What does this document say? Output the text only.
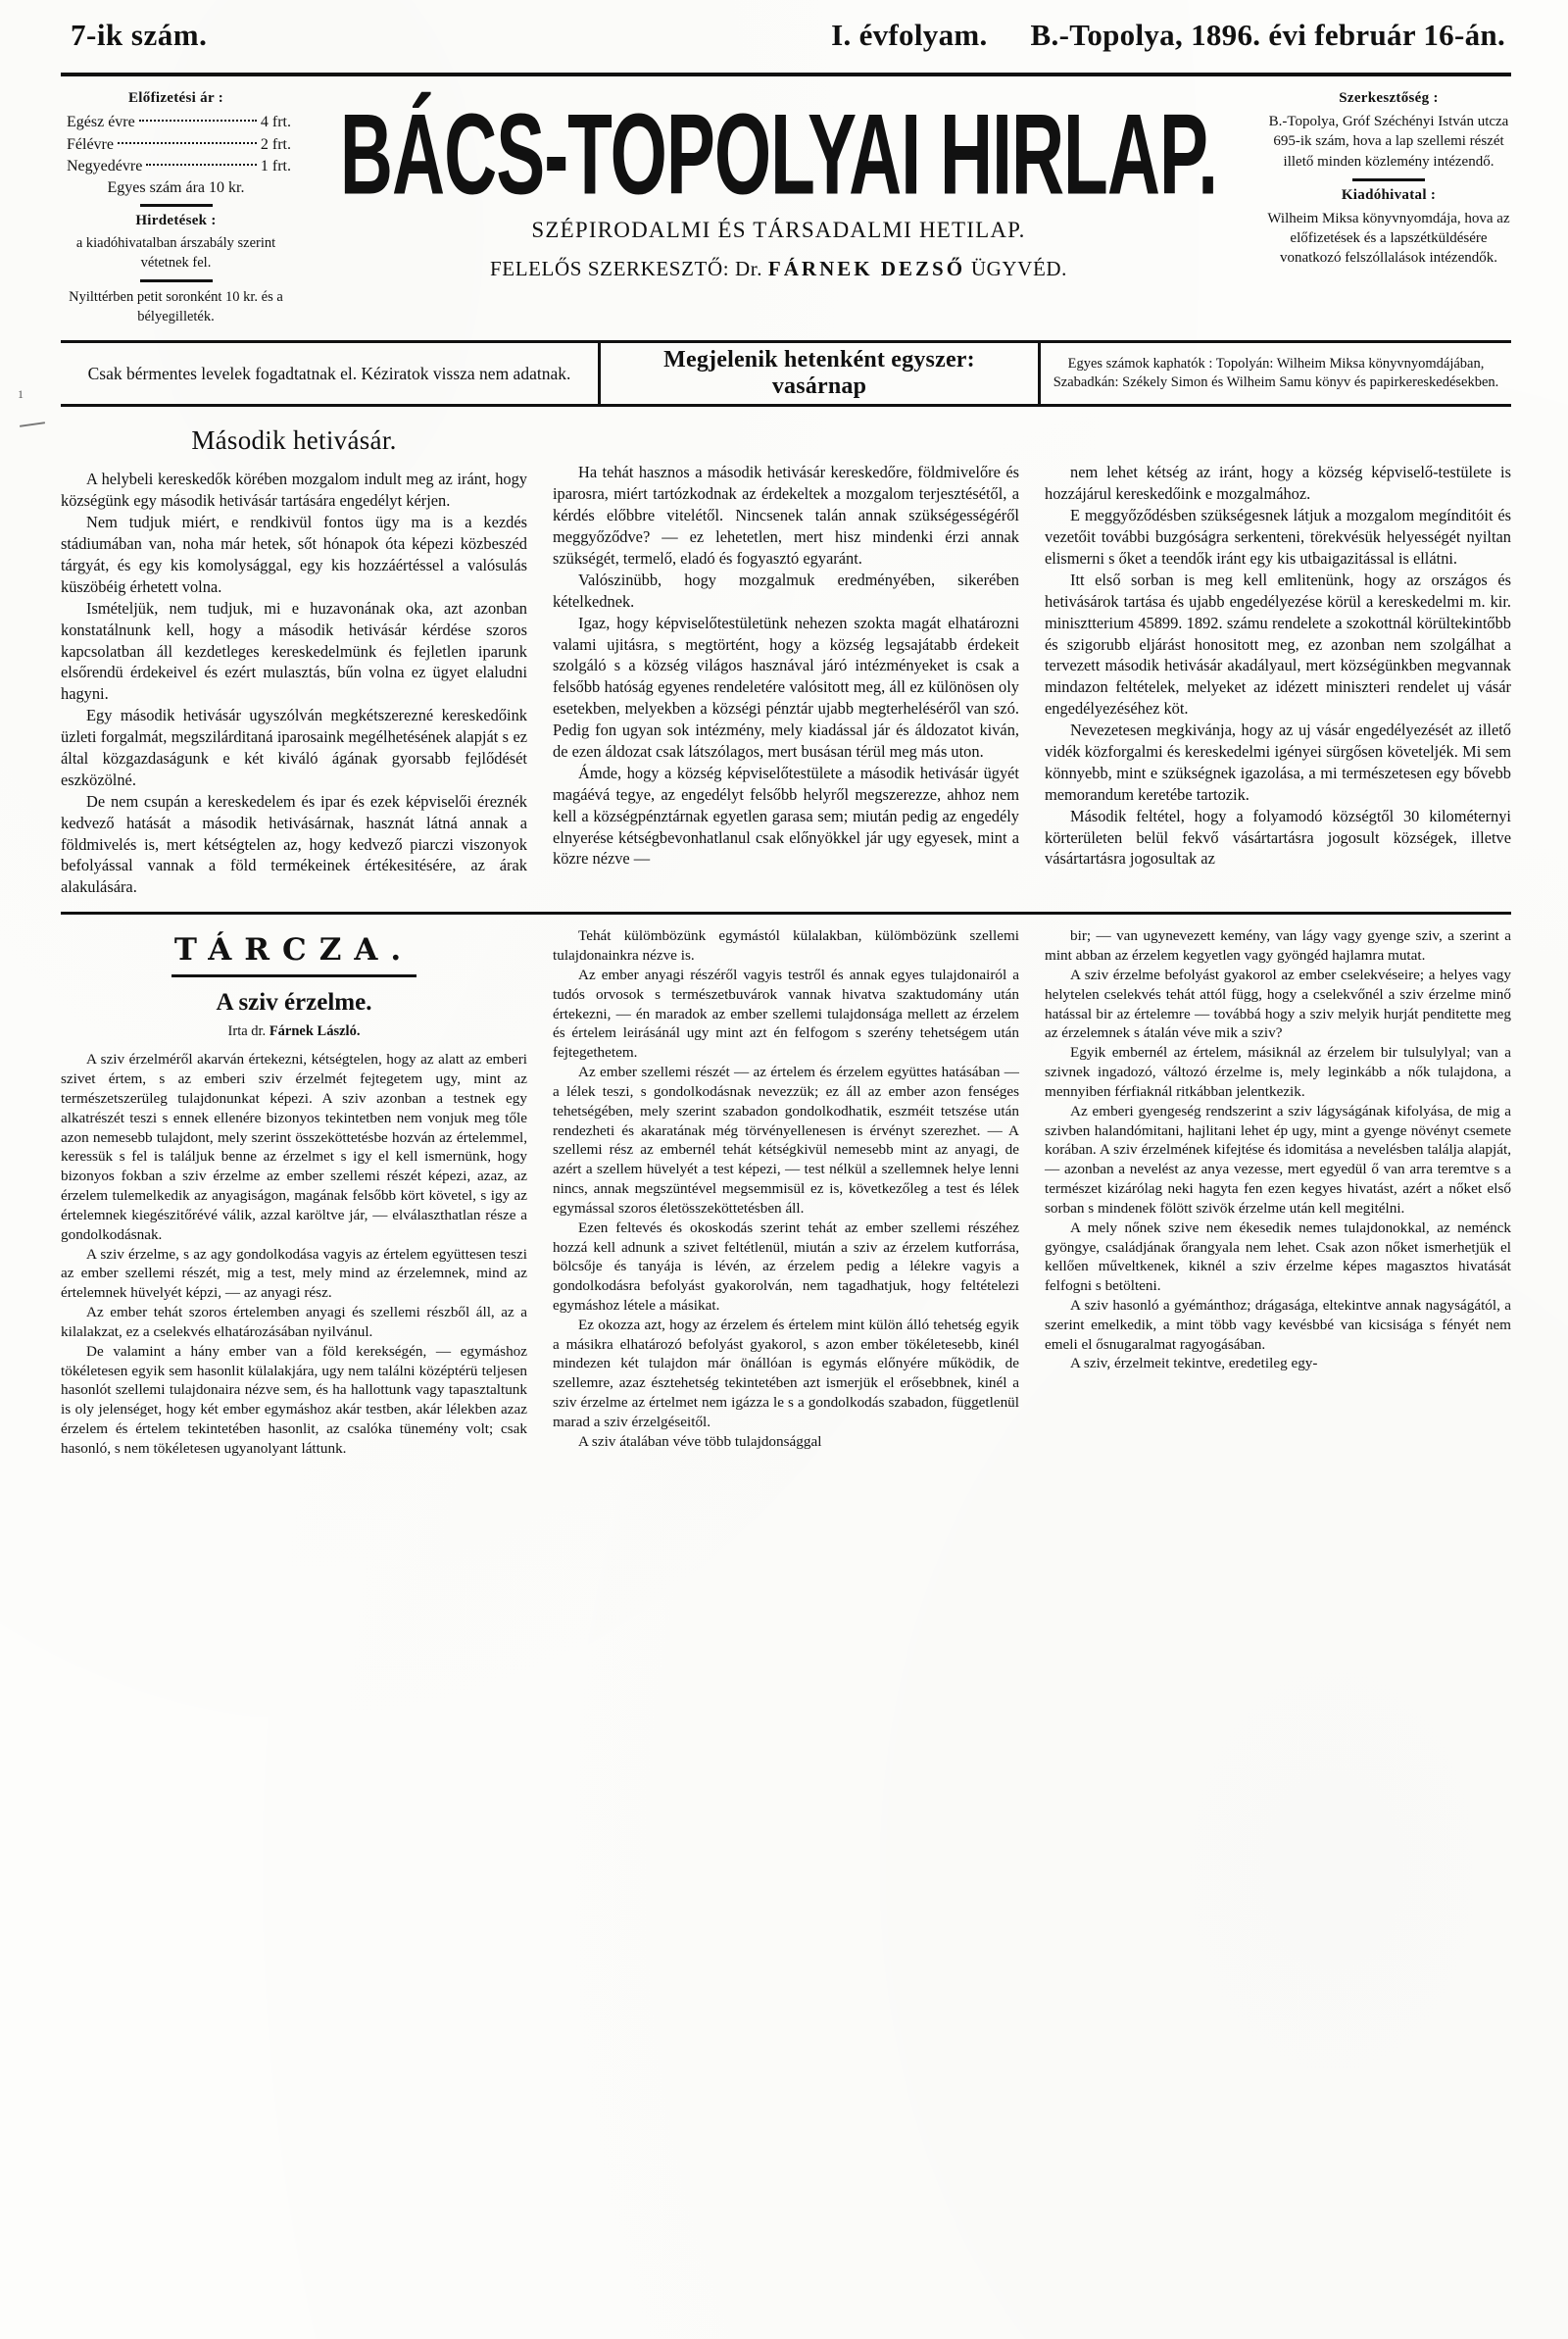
1
7-ik szám.	I. évfolyam. B.-Topolya, 1896. évi február 16-án.
Előfizetési ár :
Egész évre	4 frt.
Félévre	2 frt.
Negyedévre	1 frt.
Egyes szám ára 10 kr.
Hirdetések :
a kiadóhivatalban árszabály szerint vétetnek fel.
Nyilttérben petit soronként 10 kr. és a bélyegilleték.
BÁCS-TOPOLYAI HIRLAP.
SZÉPIRODALMI ÉS TÁRSADALMI HETILAP.
FELELŐS SZERKESZTŐ: Dr. FÁRNEK DEZSŐ ÜGYVÉD.
Szerkesztőség :
B.-Topolya, Gróf Széchényi István utcza 695-ik szám, hova a lap szellemi részét illető minden közlemény intézendő.
Kiadóhivatal :
Wilheim Miksa könyvnyomdája, hova az előfizetések és a lapszétküldésére vonatkozó felszóllalások intézendők.
Csak bérmentes levelek fogadtatnak el. Kéziratok vissza nem adatnak.
Megjelenik hetenként egyszer:
vasárnap
Egyes számok kaphatók : Topolyán: Wilheim Miksa könyvnyomdájában, Szabadkán: Székely Simon és Wilheim Samu könyv és papirkereskedésekben.
Második hetivásár.

A helybeli kereskedők körében mozgalom indult meg az iránt, hogy községünk egy második hetivásár tartására engedélyt kérjen.

Nem tudjuk miért, e rendkivül fontos ügy ma is a kezdés stádiumában van, noha már hetek, sőt hónapok óta képezi közbeszéd tárgyát, és egy kis komolysággal, egy kis hozzáértéssel a valósulás küszöbéig érhetett volna.

Ismételjük, nem tudjuk, mi e huzavonának oka, azt azonban konstatálnunk kell, hogy a második hetivásár kérdése szoros kapcsolatban áll kezdetleges kereskedelmünk és fejletlen iparunk elsőrendü érdekeivel és ezért mulasztás, bűn volna ez ügyet elaludni hagyni.

Egy második hetivásár ugyszólván megkétszerezné kereskedőink üzleti forgalmát, megszilárditaná iparosaink megélhetésének alapját s ez által közgazdaságunk e két kiváló ágának gyorsabb fejlődését eszközölné.

De nem csupán a kereskedelem és ipar és ezek képviselői éreznék kedvező hatását a második hetivásárnak, hasznát látná annak a földmivelés is, mert kétségtelen az, hogy kedvező piarczi viszonyok befolyással vannak a föld termékeinek értékesitésére, az árak alakulására.

Ha tehát hasznos a második hetivásár kereskedőre, földmivelőre és iparosra, miért tartózkodnak az érdekeltek a mozgalom terjesztésétől, a kérdés előbbre vitelétől. Nincsenek talán annak szükségességéről meggyőződve? — ez lehetetlen, mert hisz mindenki érzi annak szükségét, termelő, eladó és fogyasztó egyaránt.

Valószinübb, hogy mozgalmuk eredményében, sikerében kételkednek.

Igaz, hogy képviselőtestületünk nehezen szokta magát elhatározni valami ujitásra, s megtörtént, hogy a község legsajátabb érdekeit szolgáló s a község világos hasznával járó intézményeket is csak a felsőbb hatóság egyenes rendeletére valósitott meg, áll ez különösen oly esetekben, melyekben a községi pénztár ujabb megterheléséről van szó. Pedig fon ugyan sok intézmény, mely kiadással jár és áldozatot kiván, de ezen áldozat csak látszólagos, mert busásan térül meg más uton.

Ámde, hogy a község képviselőtestülete a második hetivásár ügyét magáévá tegye, az engedélyt felsőbb helyről megszerezze, ahhoz nem kell a községpénztárnak egyetlen garasa sem; miután pedig az engedély elnyerése kétségbevonhatlanul csak előnyökkel jár ugy egyesek, mint a közre nézve —

nem lehet kétség az iránt, hogy a község képviselő-testülete is hozzájárul kereskedőink e mozgalmához.

E meggyőződésben szükségesnek látjuk a mozgalom megínditóit és vezetőit további buzgóságra serkenteni, törekvésük helyességét nyiltan elismerni s őket a teendők iránt egy kis utbaigazitással is ellátni.

Itt első sorban is meg kell emlitenünk, hogy az országos és hetivásárok tartása és ujabb engedélyezése körül a kereskedelmi m. kir. minisztterium 45899. 1892. számu rendelete a szokottnál körültekintőbb és szigorubb eljárást honositott meg, ez azonban nem szolgálhat a tervezett második hetivásár akadályaul, mert községünkben megvannak mindazon feltételek, melyeket az idézett miniszteri rendelet uj vásár engedélyezéséhez köt.

Nevezetesen megkivánja, hogy az uj vásár engedélyezését az illető vidék közforgalmi és kereskedelmi igényei sürgősen követeljék. Mi sem könnyebb, mint e szükségnek igazolása, a mi természetesen egy bővebb memorandum keretébe tartozik.

Második feltétel, hogy a folyamodó községtől 30 kilométernyi körterületen belül fekvő vásártartásra jogosult községek, illetve vásártartásra jogosultak az

TÁRCZA.
A sziv érzelme.
Irta dr. Fárnek László.

A sziv érzelméről akarván értekezni, kétségtelen, hogy az alatt az emberi szivet értem, s az emberi sziv érzelmét fejtegetem ugy, mint az természetszerüleg tulajdonunkat képezi. A sziv azonban a testnek egy alkatrészét teszi s ennek ellenére bizonyos tekintetben nem vonjuk meg tőle azon nemesebb tulajdont, mely szerint összeköttetésbe hozván az értelemmel, keressük s fel is találjuk benne az érzelmet s igy el kell ismernünk, hogy bizonyos fokban a sziv érzelme az ember szellemi részét képezi, azaz, az érzelem tulemelkedik az anyagiságon, magának felsőbb kört követel, s igy az értelemnek kiegészitőrévé válik, azzal karöltve jár, — elválaszthatlan része a gondolkodásnak.

A sziv érzelme, s az agy gondolkodása vagyis az értelem együttesen teszi az ember szellemi részét, mig a test, mely mind az érzelemnek, mind az értelemnek hüvelyét képzi, — az anyagi rész.

Az ember tehát szoros értelemben anyagi és szellemi részből áll, az a kilalakzat, ez a cselekvés elhatározásában nyilvánul.

De valamint a hány ember van a föld kerekségén, — egymáshoz tökéletesen egyik sem hasonlit külalakjára, ugy nem találni középtérü teljesen hasonlót szellemi tulajdonaira nézve sem, és ha hallottunk vagy tapasztaltunk is oly jelenséget, hogy két ember egymáshoz akár testben, akár lélekben azaz érzelem és értelem tekintetében hasonlit, az csalóka tünemény volt; csak hasonló, s nem tökéletesen ugyanolyant láttunk.

Tehát külömbözünk egymástól külalakban, külömbözünk szellemi tulajdonainkra nézve is.

Az ember anyagi részéről vagyis testről és annak egyes tulajdonairól a tudós orvosok s természetbuvárok vannak hivatva szaktudomány után értekezni, — én maradok az ember szellemi tulajdonsága mellett az érzelem és értelem leirásánál ugy mint azt én felfogom s szerény tehetségem után fejtegethetem.

Az ember szellemi részét — az értelem és érzelem együttes hatásában — a lélek teszi, s gondolkodásnak nevezzük; ez áll az ember azon fenséges tehetségében, mely szerint szabadon gondolkodhatik, eszméit tetszése után rendezheti és akaratának még törvényellenesen is érvényt szerezhet. — A szellemi rész az embernél tehát kétségkivül nemesebb mint az anyagi, de azért a szellem hüvelyét a test képezi, — test nélkül a szellemnek helye lenni nincs, annak megszüntével megsemmisül ez is, következőleg a test és lélek egymással szoros életösszeköttetésben áll.

Ezen feltevés és okoskodás szerint tehát az ember szellemi részéhez hozzá kell adnunk a szivet feltétlenül, miután a sziv az érzelem kutforrása, bölcsője és tanyája is lévén, az érzelem pedig a lélekre vagyis a gondolkodásra befolyást gyakorolván, nem tagadhatjuk, hogy feltételezi egymáshoz létele a másikat.

Ez okozza azt, hogy az érzelem és értelem mint külön álló tehetség egyik a másikra elhatározó befolyást gyakorol, s azon ember tökéletesebb, kinél mindezen két tulajdon már önállóan is egymás előnyére működik, de szellemre, azaz észtehetség tekintetében azt ismerjük el erősebbnek, kinél a sziv érzelme az értelmet nem igázza le s a gondolkodás szabadon, függetlenül marad a sziv érzelgéseitől.

A sziv átalában véve több tulajdonsággal

bir; — van ugynevezett kemény, van lágy vagy gyenge sziv, a szerint a mint abban az érzelem kegyetlen vagy gyöngéd hajlamra mutat.

A sziv érzelme befolyást gyakorol az ember cselekvéseire; a helyes vagy helytelen cselekvés tehát attól függ, hogy a cselekvőnél a sziv érzelme minő hatással bir az értelemre — továbbá hogy a sziv melyik hurját penditette meg az érzelemnek s átalán véve mik a sziv?

Egyik embernél az értelem, másiknál az érzelem bir tulsulylyal; van a szivnek ingadozó, változó érzelme is, mely leginkább a nők tulajdona, a mennyiben férfiaknál ritkábban jelentkezik.

Az emberi gyengeség rendszerint a sziv lágyságának kifolyása, de mig a szivben halandómitani, hajlitani lehet ép ugy, mint a gyenge növényt csemete korában. A sziv érzelmének kifejtése és idomitása a nevelésben találja alapját, — azonban a nevelést az anya vezesse, mert egyedül ő van arra teremtve s a természet kizárólag neki hagyta fen ezen kegyes hivatást, azért a nőket első sorban s mindenek fölött szivök érzelme után kell megitélni.

A mely nőnek szive nem ékesedik nemes tulajdonokkal, az neménck gyöngye, családjának őrangyala nem lehet. Csak azon nőket ismerhetjük el kellően műveltkenek, kiknél a sziv érzelme képes magasztos hivatását felfogni s betölteni.

A sziv hasonló a gyémánthoz; drágasága, eltekintve annak nagyságától, a szerint emelkedik, a mint több vagy kevésbbé van kicsisága s fényét nem emeli el ősnugaralmat ragyogásában.

A sziv, érzelmeit tekintve, eredetileg egy-
